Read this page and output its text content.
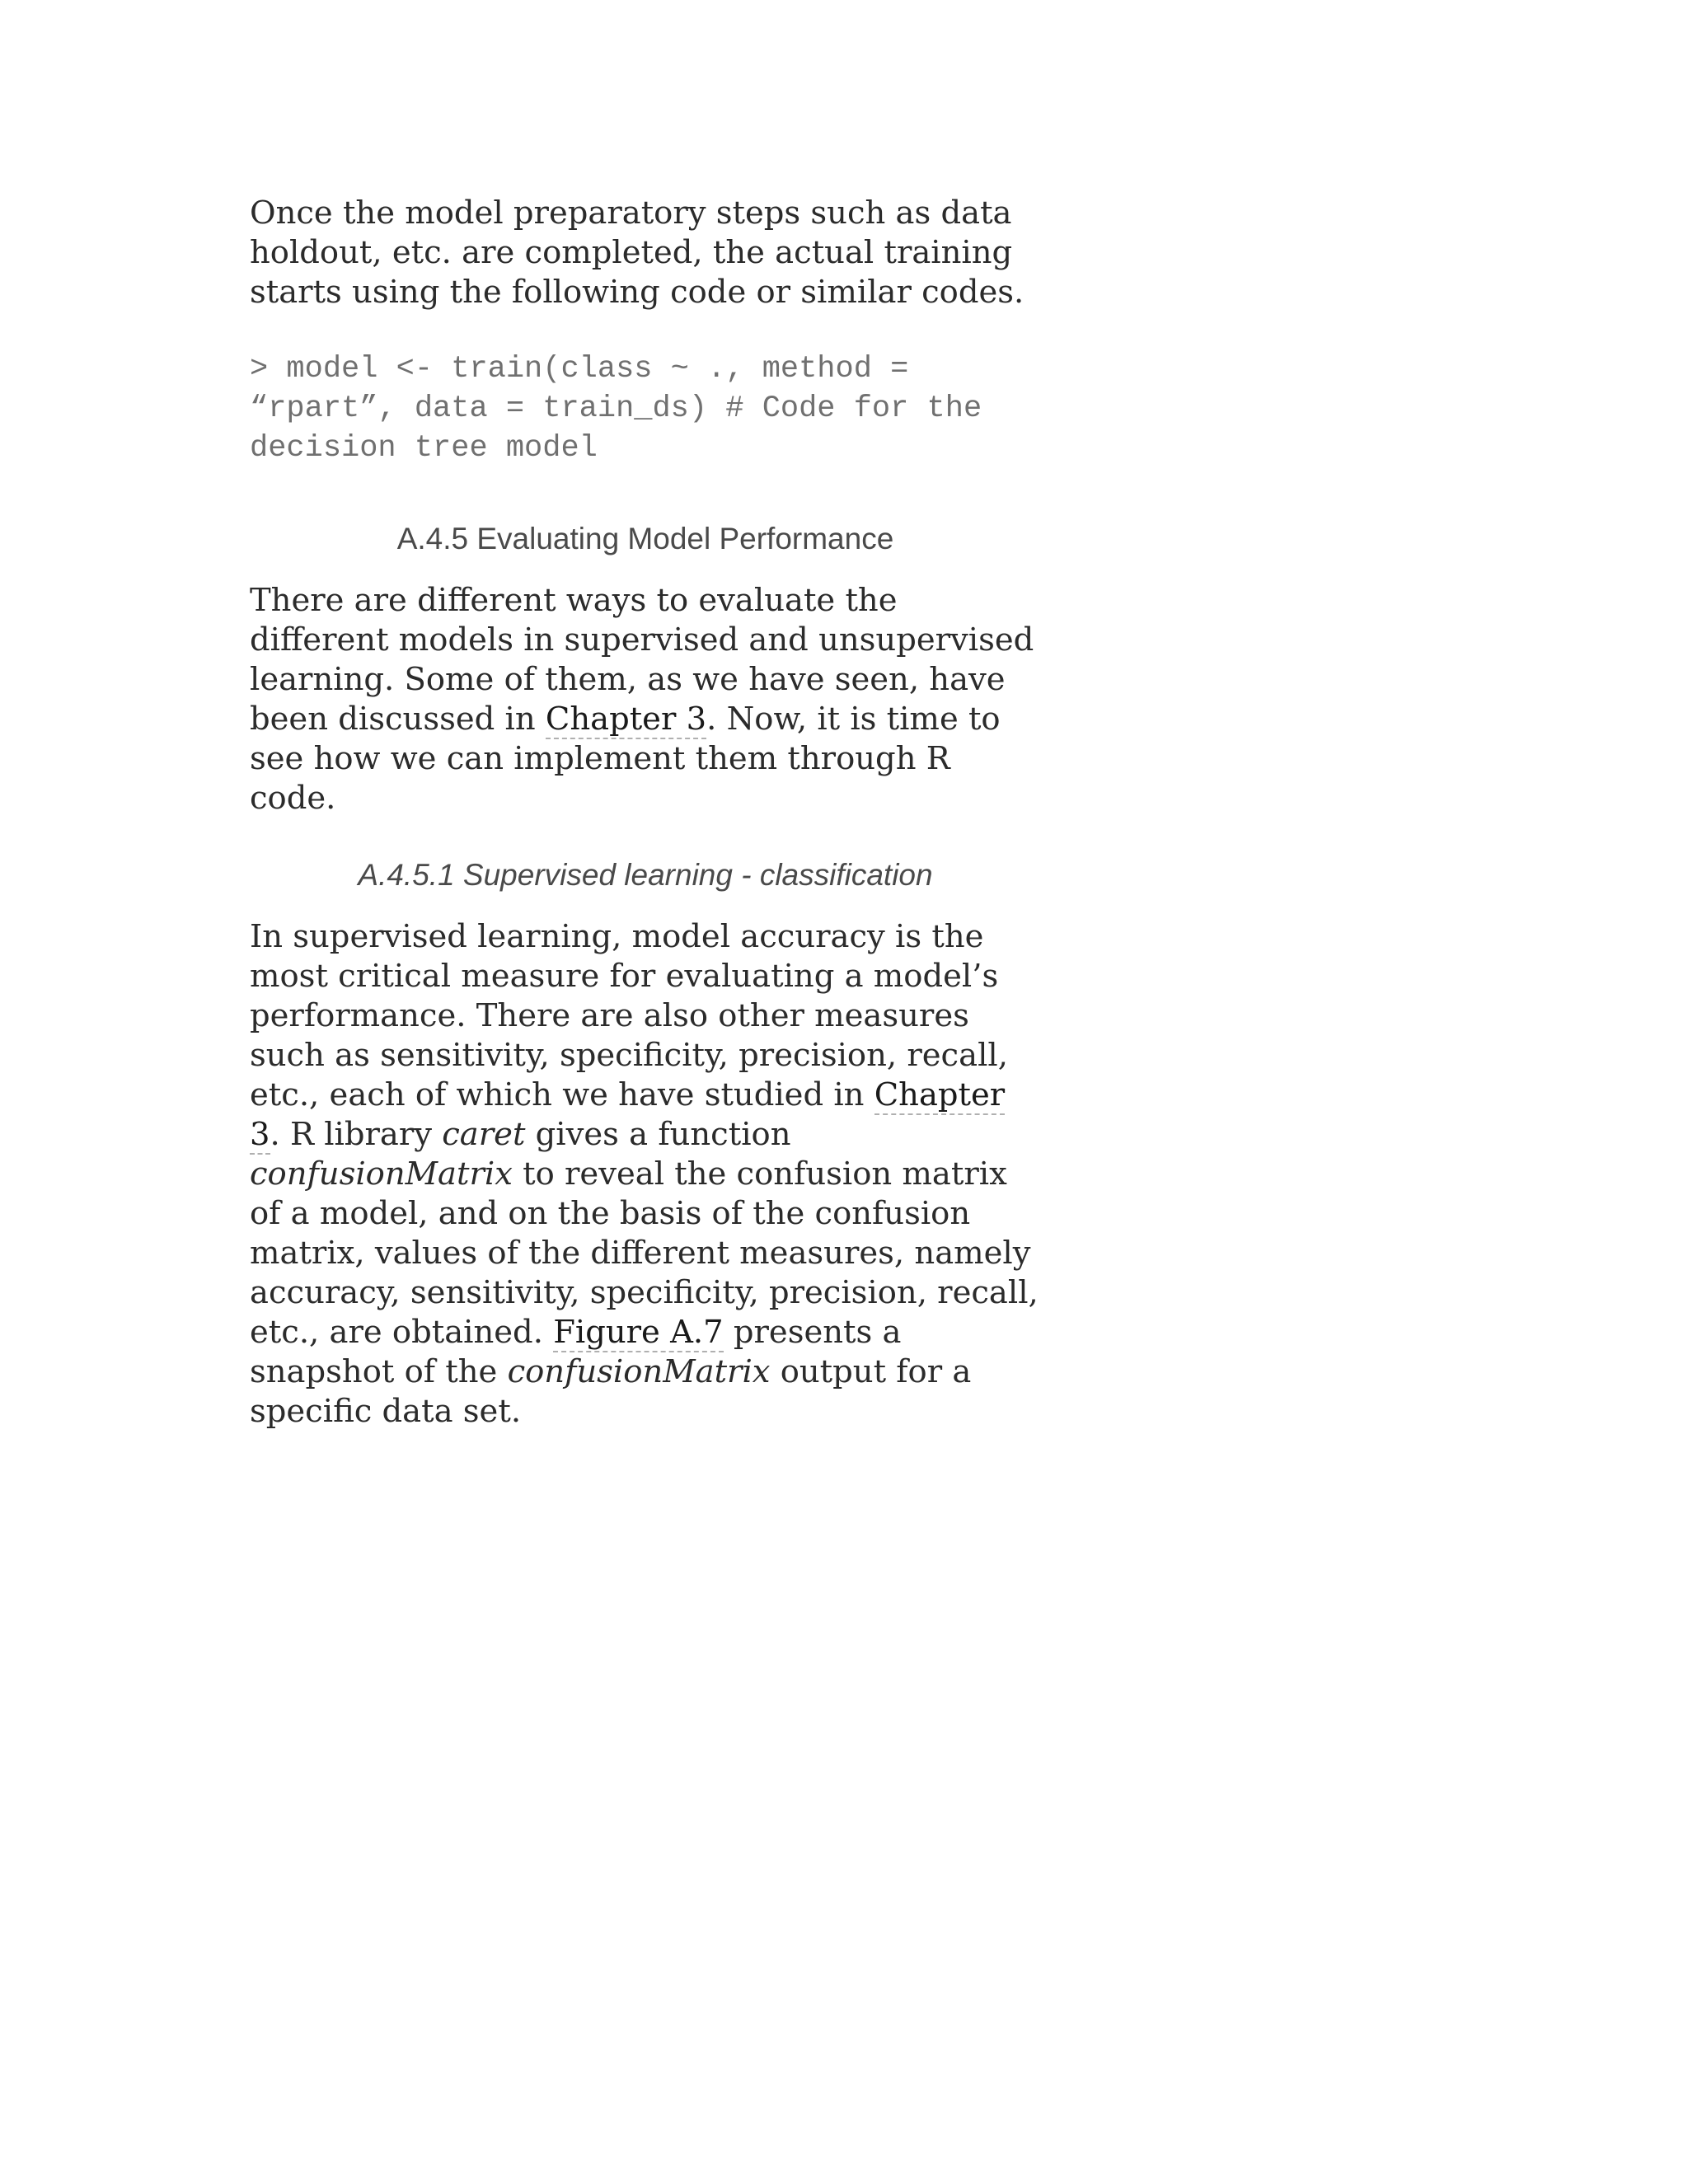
Once the model preparatory steps such as data holdout, etc. are completed, the actual training starts using the following code or similar codes.

> model <- train(class ~ ., method = “rpart”, data = train_ds) # Code for the decision tree model

A.4.5 Evaluating Model Performance

There are different ways to evaluate the different models in supervised and unsupervised learning. Some of them, as we have seen, have been discussed in Chapter 3. Now, it is time to see how we can implement them through R code.

A.4.5.1 Supervised learning - classification

In supervised learning, model accuracy is the most critical measure for evaluating a model’s performance. There are also other measures such as sensitivity, specificity, precision, recall, etc., each of which we have studied in Chapter 3. R library caret gives a function confusionMatrix to reveal the confusion matrix of a model, and on the basis of the confusion matrix, values of the different measures, namely accuracy, sensitivity, specificity, precision, recall, etc., are obtained. Figure A.7 presents a snapshot of the confusionMatrix output for a specific data set.
